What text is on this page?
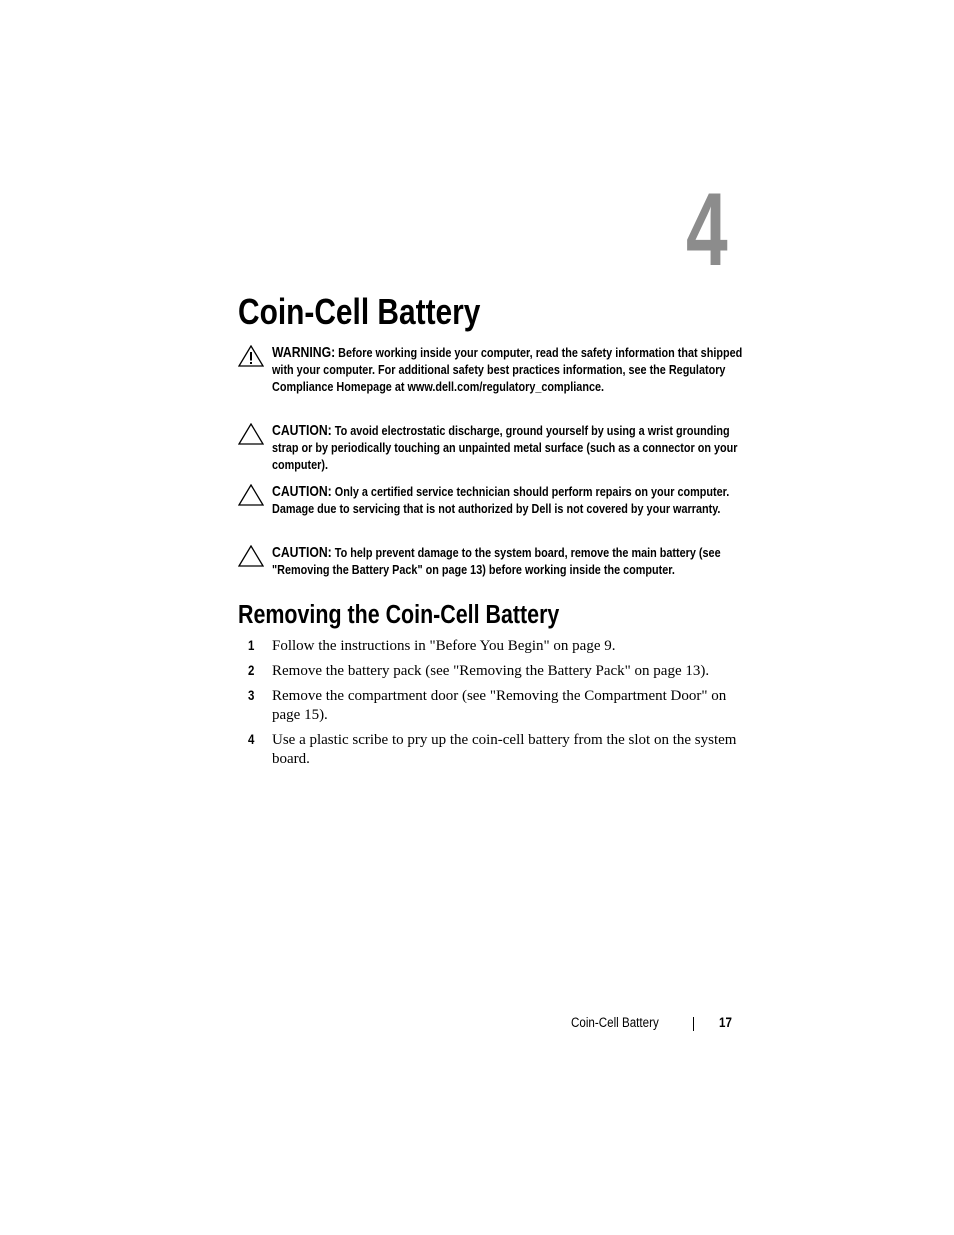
4
Coin-Cell Battery
WARNING: Before working inside your computer, read the safety information that shipped with your computer. For additional safety best practices information, see the Regulatory Compliance Homepage at www.dell.com/regulatory_compliance.
CAUTION: To avoid electrostatic discharge, ground yourself by using a wrist grounding strap or by periodically touching an unpainted metal surface (such as a connector on your computer).
CAUTION: Only a certified service technician should perform repairs on your computer. Damage due to servicing that is not authorized by Dell is not covered by your warranty.
CAUTION: To help prevent damage to the system board, remove the main battery (see "Removing the Battery Pack" on page 13) before working inside the computer.
Removing the Coin-Cell Battery
1 Follow the instructions in "Before You Begin" on page 9.
2 Remove the battery pack (see "Removing the Battery Pack" on page 13).
3 Remove the compartment door (see "Removing the Compartment Door" on page 15).
4 Use a plastic scribe to pry up the coin-cell battery from the slot on the system board.
Coin-Cell Battery	17
